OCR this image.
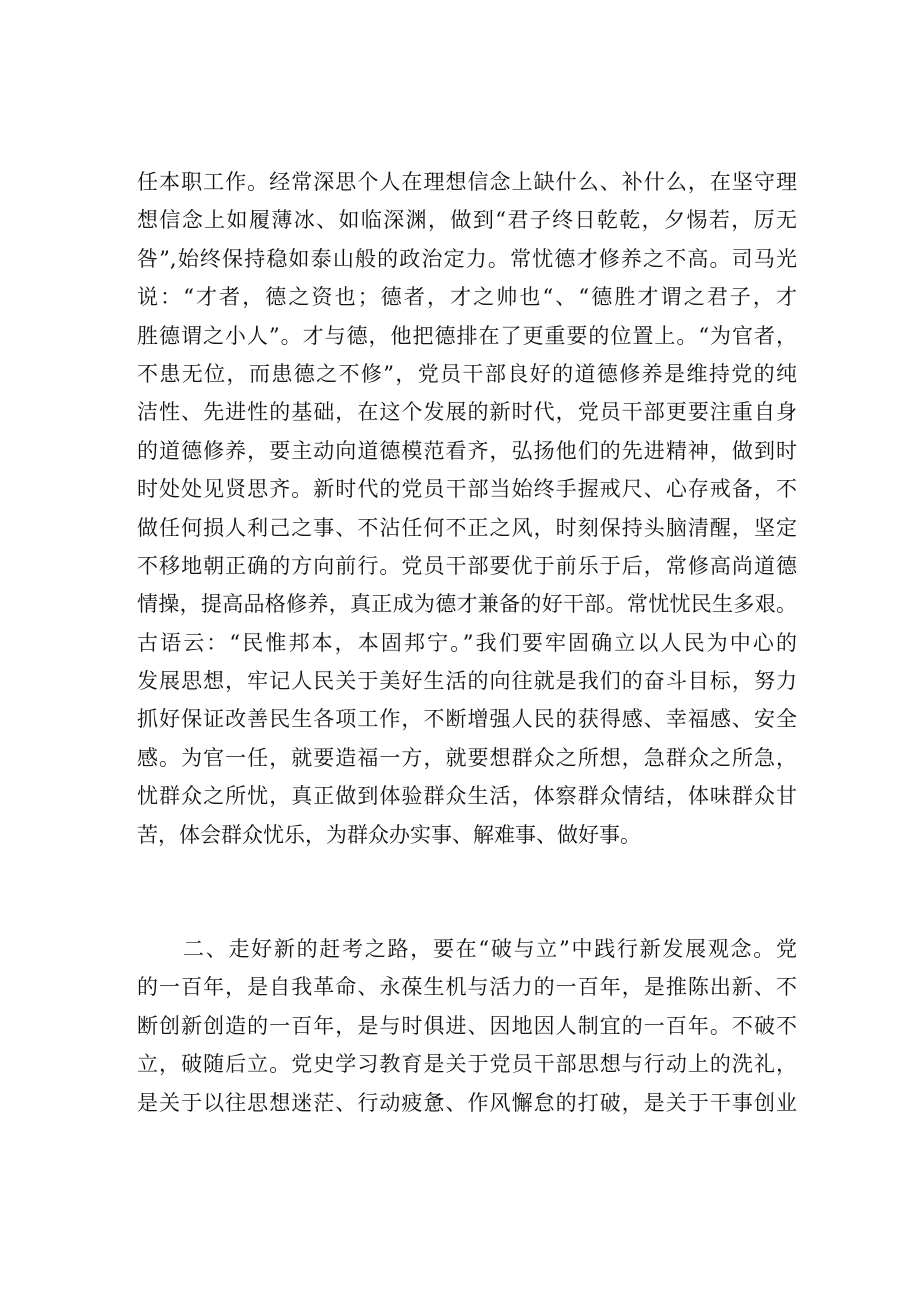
任本职工作。经常深思个人在理想信念上缺什么、补什么，在坚守理
想信念上如履薄冰、如临深渊，做到“君子终日乾乾，夕惕若，厉无
咎”,始终保持稳如泰山般的政治定力。常忧德才修养之不高。司马光
说：“才者，德之资也；德者，才之帅也“、“德胜才谓之君子，才
胜德谓之小人”。才与德，他把德排在了更重要的位置上。“为官者，
不患无位，而患德之不修”，党员干部良好的道德修养是维持党的纯
洁性、先进性的基础，在这个发展的新时代，党员干部更要注重自身
的道德修养，要主动向道德模范看齐，弘扬他们的先进精神，做到时
时处处见贤思齐。新时代的党员干部当始终手握戒尺、心存戒备，不
做任何损人利己之事、不沾任何不正之风，时刻保持头脑清醒，坚定
不移地朝正确的方向前行。党员干部要优于前乐于后，常修高尚道德
情操，提高品格修养，真正成为德才兼备的好干部。常忧忧民生多艰。
古语云：“民惟邦本，本固邦宁。”我们要牢固确立以人民为中心的
发展思想，牢记人民关于美好生活的向往就是我们的奋斗目标，努力
抓好保证改善民生各项工作，不断增强人民的获得感、幸福感、安全
感。为官一任，就要造福一方，就要想群众之所想，急群众之所急，
忧群众之所忧，真正做到体验群众生活，体察群众情结，体味群众甘
苦，体会群众忧乐，为群众办实事、解难事、做好事。
二、走好新的赶考之路，要在“破与立”中践行新发展观念。党
的一百年，是自我革命、永葆生机与活力的一百年，是推陈出新、不
断创新创造的一百年，是与时俱进、因地因人制宜的一百年。不破不
立，破随后立。党史学习教育是关于党员干部思想与行动上的洗礼，
是关于以往思想迷茫、行动疲惫、作风懈怠的打破，是关于干事创业
